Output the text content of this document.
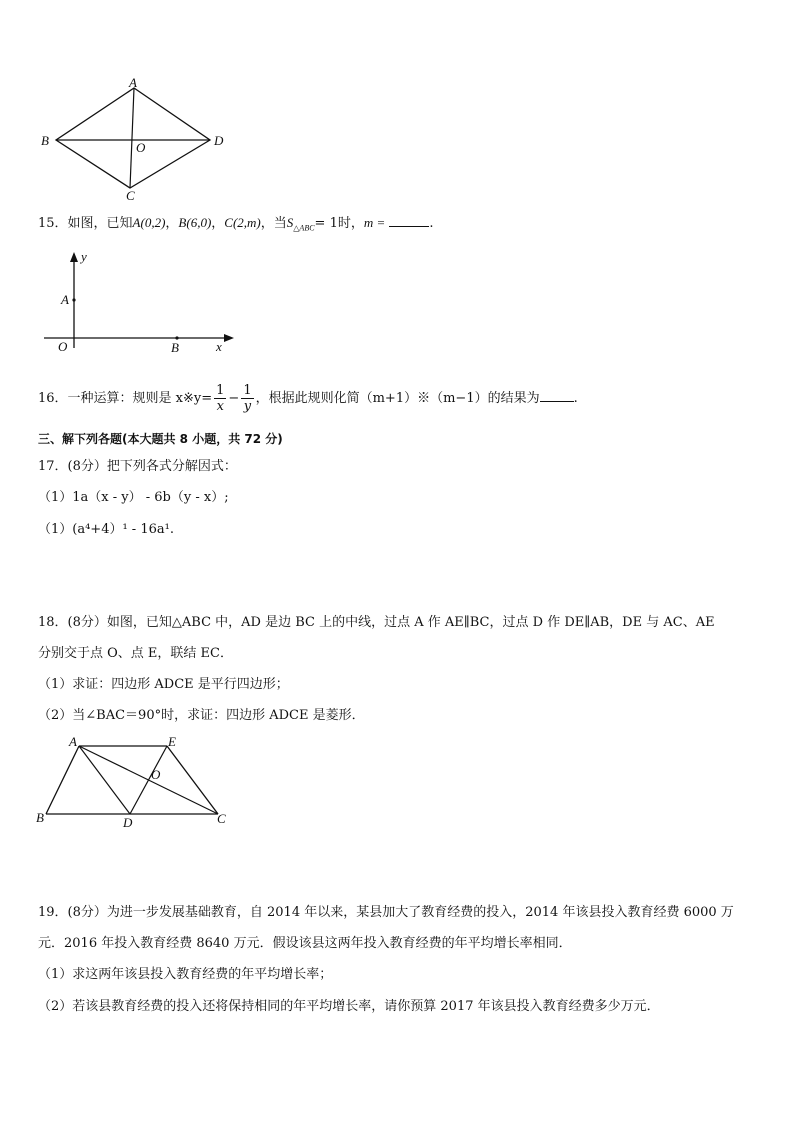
A
B	O	D
C
15．如图，已知A(0,2)，B(6,0)，C(2,m)，当$S_{\triangle ABC}= 1$时，m =	.
y
A
O	B	x
16．一种运算：规则是 x※y= $\frac{1}{x} - \frac{1}{y}$ ，根据此规则化简（m+1）※（m−1）的结果为	.
三、解下列各题(本大题共 8 小题，共 72 分)
17．(8分）把下列各式分解因式：
（1）1a（x - y） - 6b（y - x）;
（1）(a⁴+4）¹ - 16a¹.
18．(8分）如图，已知△ABC 中，AD 是边 BC 上的中线，过点 A 作 AE∥BC，过点 D 作 DE∥AB，DE 与 AC、AE
分别交于点 O、点 E，联结 EC．
（1）求证：四边形 ADCE 是平行四边形；
（2）当∠BAC＝90°时，求证：四边形 ADCE 是菱形．
A	E
O
B	D	C
19．(8分）为进一步发展基础教育，自 2014 年以来，某县加大了教育经费的投入，2014 年该县投入教育经费 6000 万
元．2016 年投入教育经费 8640 万元．假设该县这两年投入教育经费的年平均增长率相同．
（1）求这两年该县投入教育经费的年平均增长率；
（2）若该县教育经费的投入还将保持相同的年平均增长率，请你预算 2017 年该县投入教育经费多少万元．
